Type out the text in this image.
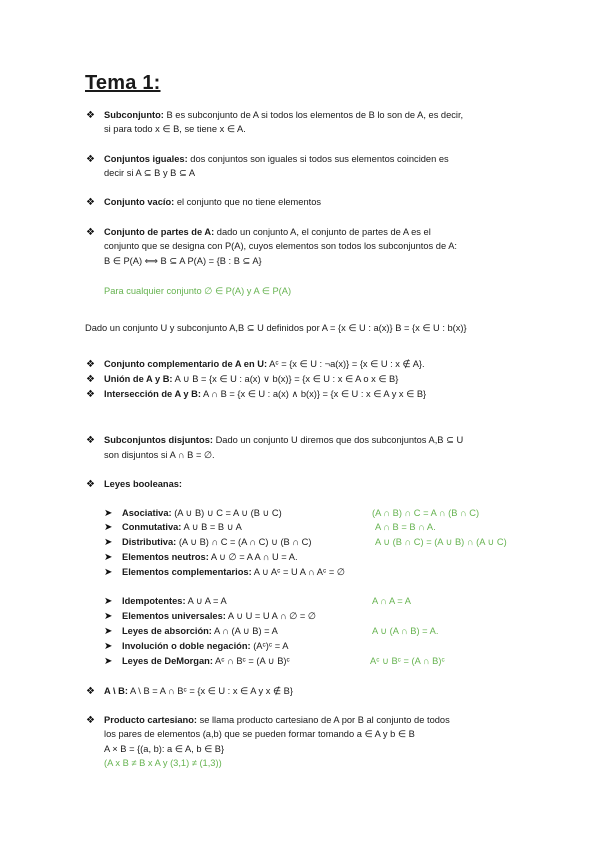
Tema 1:
❖ Subconjunto: B es subconjunto de A si todos los elementos de B lo son de A, es decir,
si para todo x ∈ B, se tiene x ∈ A.
❖ Conjuntos iguales: dos conjuntos son iguales si todos sus elementos coinciden es
decir si A ⊆ B y B ⊆ A
❖ Conjunto vacío: el conjunto que no tiene elementos
❖ Conjunto de partes de A: dado un conjunto A, el conjunto de partes de A es el
conjunto que se designa con P(A), cuyos elementos son todos los subconjuntos de A:
B ∈ P(A) ⟺ B ⊆ A P(A) = {B : B ⊆ A}
Para cualquier conjunto ∅ ∈ P(A) y A ∈ P(A)
Dado un conjunto U y subconjunto A,B ⊆ U definidos por A = {x ∈ U : a(x)} B = {x ∈ U : b(x)}
❖ Conjunto complementario de A en U: Aᶜ = {x ∈ U : ¬a(x)} = {x ∈ U : x ∉ A}.
❖ Unión de A y B: A ∪ B = {x ∈ U : a(x) ∨ b(x)} = {x ∈ U : x ∈ A o x ∈ B}
❖ Intersección de A y B: A ∩ B = {x ∈ U : a(x) ∧ b(x)} = {x ∈ U : x ∈ A y x ∈ B}
❖ Subconjuntos disjuntos: Dado un conjunto U diremos que dos subconjuntos A,B ⊆ U
son disjuntos si A ∩ B = ∅.
❖ Leyes booleanas:
➤ Asociativa: (A ∪ B) ∪ C = A ∪ (B ∪ C)	(A ∩ B) ∩ C = A ∩ (B ∩ C)
➤ Conmutativa: A ∪ B = B ∪ A	A ∩ B = B ∩ A.
➤ Distributiva: (A ∪ B) ∩ C = (A ∩ C) ∪ (B ∩ C)	A ∪ (B ∩ C) = (A ∪ B) ∩ (A ∪ C)
➤ Elementos neutros: A ∪ ∅ = A A ∩ U = A.
➤ Elementos complementarios: A ∪ Aᶜ = U A ∩ Aᶜ = ∅
➤ Idempotentes: A ∪ A = A	A ∩ A = A
➤ Elementos universales: A ∪ U = U A ∩ ∅ = ∅
➤ Leyes de absorción: A ∩ (A ∪ B) = A	A ∪ (A ∩ B) = A.
➤ Involución o doble negación: (Aᶜ)ᶜ = A
➤ Leyes de DeMorgan: Aᶜ ∩ Bᶜ = (A ∪ B)ᶜ	Aᶜ ∪ Bᶜ = (A ∩ B)ᶜ
❖ A \ B: A \ B = A ∩ Bᶜ = {x ∈ U : x ∈ A y x ∉ B}
❖ Producto cartesiano: se llama producto cartesiano de A por B al conjunto de todos
los pares de elementos (a,b) que se pueden formar tomando a ∈ A y b ∈ B
A × B = {(a, b): a ∈ A, b ∈ B}
(A x B ≠ B x A y (3,1) ≠ (1,3))
